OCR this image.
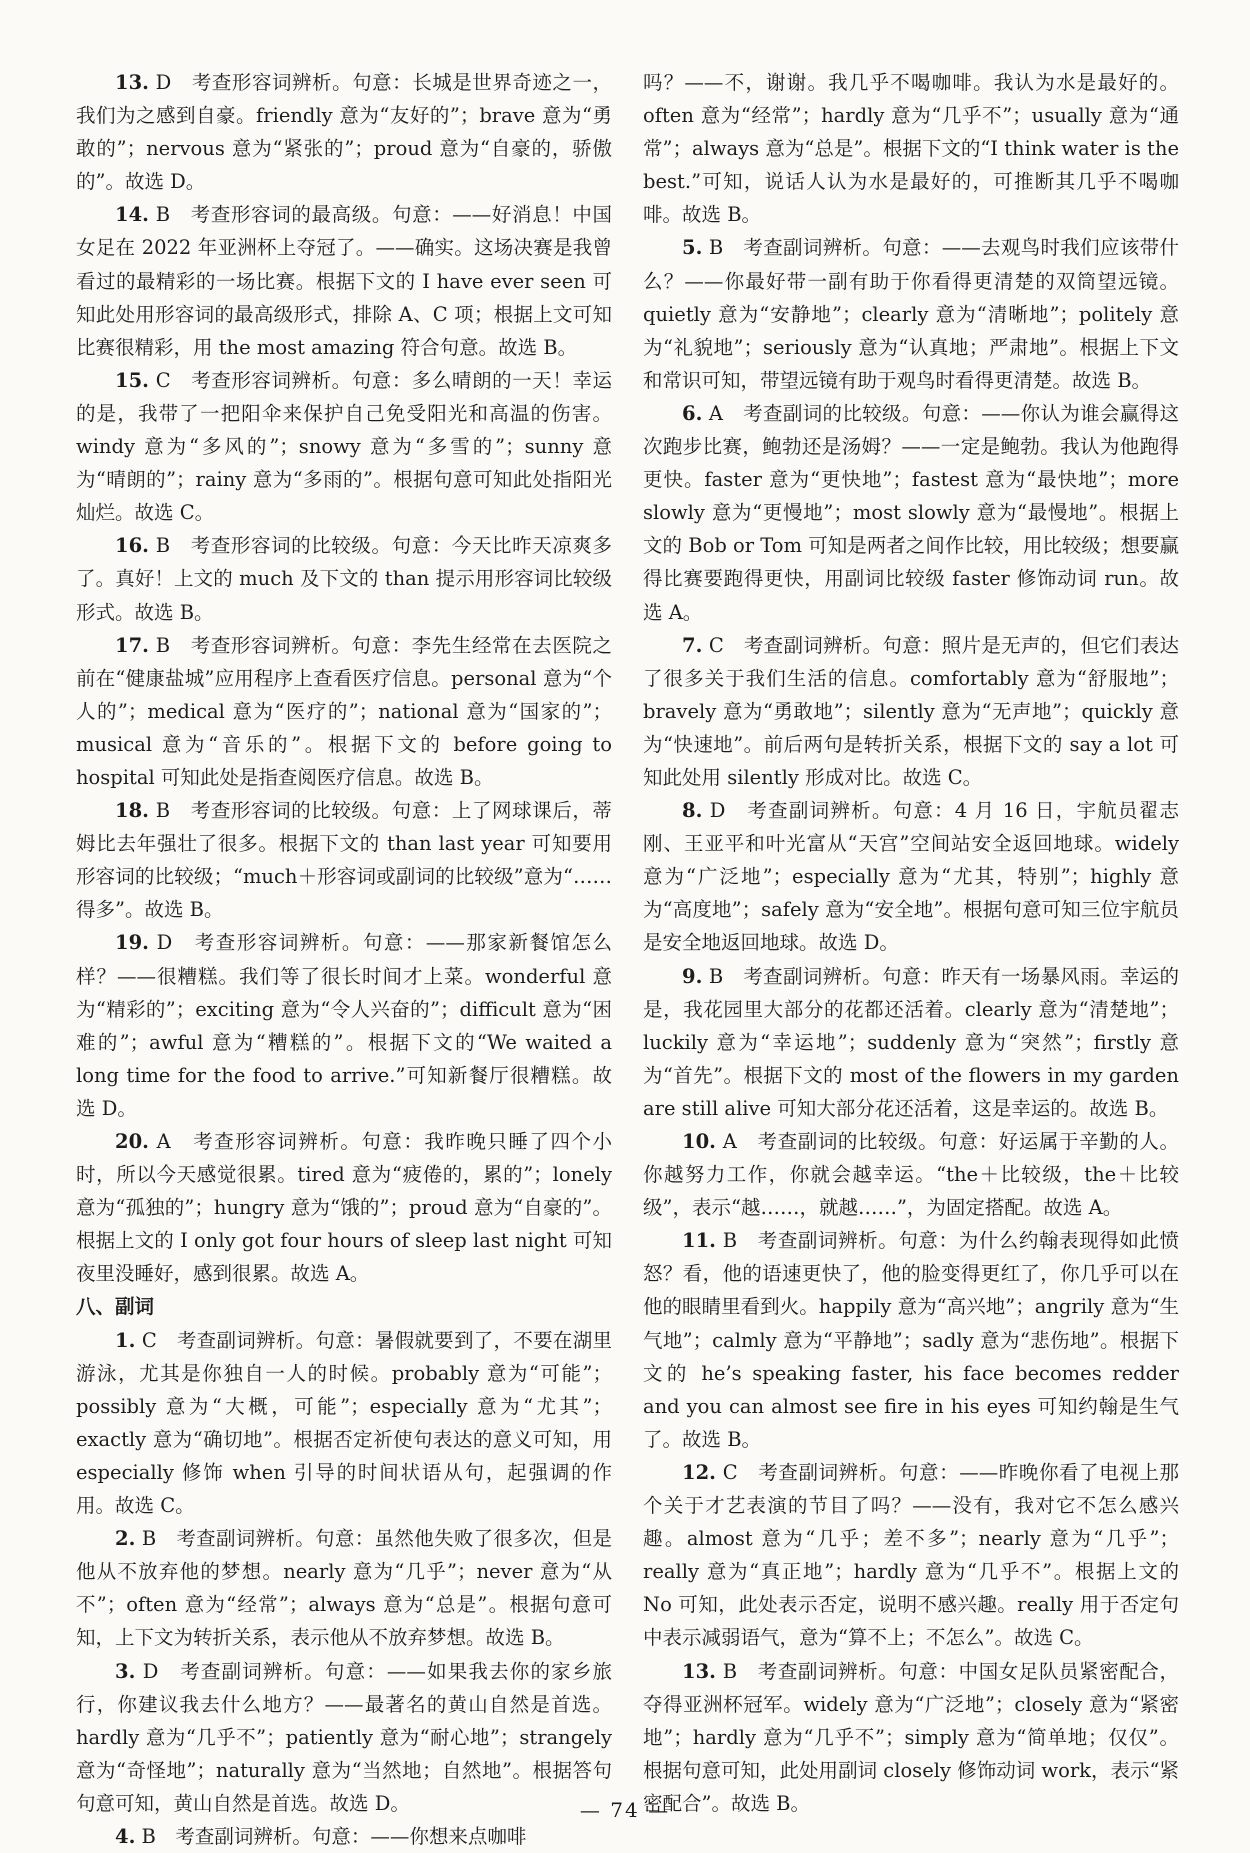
13. D　考查形容词辨析。句意：长城是世界奇迹之一，我们为之感到自豪。friendly 意为“友好的”；brave 意为“勇敢的”；nervous 意为“紧张的”；proud 意为“自豪的，骄傲的”。故选 D。

14. B　考查形容词的最高级。句意：——好消息！中国女足在 2022 年亚洲杯上夺冠了。——确实。这场决赛是我曾看过的最精彩的一场比赛。根据下文的 I have ever seen 可知此处用形容词的最高级形式，排除 A、C 项；根据上文可知比赛很精彩，用 the most amazing 符合句意。故选 B。

15. C　考查形容词辨析。句意：多么晴朗的一天！幸运的是，我带了一把阳伞来保护自己免受阳光和高温的伤害。windy 意为“多风的”；snowy 意为“多雪的”；sunny 意为“晴朗的”；rainy 意为“多雨的”。根据句意可知此处指阳光灿烂。故选 C。

16. B　考查形容词的比较级。句意：今天比昨天凉爽多了。真好！上文的 much 及下文的 than 提示用形容词比较级形式。故选 B。

17. B　考查形容词辨析。句意：李先生经常在去医院之前在“健康盐城”应用程序上查看医疗信息。personal 意为“个人的”；medical 意为“医疗的”；national 意为“国家的”；musical 意为“音乐的”。根据下文的 before going to hospital 可知此处是指查阅医疗信息。故选 B。

18. B　考查形容词的比较级。句意：上了网球课后，蒂姆比去年强壮了很多。根据下文的 than last year 可知要用形容词的比较级；“much＋形容词或副词的比较级”意为“……得多”。故选 B。

19. D　考查形容词辨析。句意：——那家新餐馆怎么样？——很糟糕。我们等了很长时间才上菜。wonderful 意为“精彩的”；exciting 意为“令人兴奋的”；difficult 意为“困难的”；awful 意为“糟糕的”。根据下文的“We waited a long time for the food to arrive.”可知新餐厅很糟糕。故选 D。

20. A　考查形容词辨析。句意：我昨晚只睡了四个小时，所以今天感觉很累。tired 意为“疲倦的，累的”；lonely 意为“孤独的”；hungry 意为“饿的”；proud 意为“自豪的”。根据上文的 I only got four hours of sleep last night 可知夜里没睡好，感到很累。故选 A。

八、副词

1. C　考查副词辨析。句意：暑假就要到了，不要在湖里游泳，尤其是你独自一人的时候。probably 意为“可能”；possibly 意为“大概，可能”；especially 意为“尤其”；exactly 意为“确切地”。根据否定祈使句表达的意义可知，用 especially 修饰 when 引导的时间状语从句，起强调的作用。故选 C。

2. B　考查副词辨析。句意：虽然他失败了很多次，但是他从不放弃他的梦想。nearly 意为“几乎”；never 意为“从不”；often 意为“经常”；always 意为“总是”。根据句意可知，上下文为转折关系，表示他从不放弃梦想。故选 B。

3. D　考查副词辨析。句意：——如果我去你的家乡旅行，你建议我去什么地方？——最著名的黄山自然是首选。hardly 意为“几乎不”；patiently 意为“耐心地”；strangely 意为“奇怪地”；naturally 意为“当然地；自然地”。根据答句句意可知，黄山自然是首选。故选 D。

4. B　考查副词辨析。句意：——你想来点咖啡

吗？——不，谢谢。我几乎不喝咖啡。我认为水是最好的。often 意为“经常”；hardly 意为“几乎不”；usually 意为“通常”；always 意为“总是”。根据下文的“I think water is the best.”可知，说话人认为水是最好的，可推断其几乎不喝咖啡。故选 B。

5. B　考查副词辨析。句意：——去观鸟时我们应该带什么？——你最好带一副有助于你看得更清楚的双筒望远镜。quietly 意为“安静地”；clearly 意为“清晰地”；politely 意为“礼貌地”；seriously 意为“认真地；严肃地”。根据上下文和常识可知，带望远镜有助于观鸟时看得更清楚。故选 B。

6. A　考查副词的比较级。句意：——你认为谁会赢得这次跑步比赛，鲍勃还是汤姆？——一定是鲍勃。我认为他跑得更快。faster 意为“更快地”；fastest 意为“最快地”；more slowly 意为“更慢地”；most slowly 意为“最慢地”。根据上文的 Bob or Tom 可知是两者之间作比较，用比较级；想要赢得比赛要跑得更快，用副词比较级 faster 修饰动词 run。故选 A。

7. C　考查副词辨析。句意：照片是无声的，但它们表达了很多关于我们生活的信息。comfortably 意为“舒服地”；bravely 意为“勇敢地”；silently 意为“无声地”；quickly 意为“快速地”。前后两句是转折关系，根据下文的 say a lot 可知此处用 silently 形成对比。故选 C。

8. D　考查副词辨析。句意：4 月 16 日，宇航员翟志刚、王亚平和叶光富从“天宫”空间站安全返回地球。widely 意为“广泛地”；especially 意为“尤其，特别”；highly 意为“高度地”；safely 意为“安全地”。根据句意可知三位宇航员是安全地返回地球。故选 D。

9. B　考查副词辨析。句意：昨天有一场暴风雨。幸运的是，我花园里大部分的花都还活着。clearly 意为“清楚地”；luckily 意为“幸运地”；suddenly 意为“突然”；firstly 意为“首先”。根据下文的 most of the flowers in my garden are still alive 可知大部分花还活着，这是幸运的。故选 B。

10. A　考查副词的比较级。句意：好运属于辛勤的人。你越努力工作，你就会越幸运。“the＋比较级，the＋比较级”，表示“越……，就越……”，为固定搭配。故选 A。

11. B　考查副词辨析。句意：为什么约翰表现得如此愤怒？看，他的语速更快了，他的脸变得更红了，你几乎可以在他的眼睛里看到火。happily 意为“高兴地”；angrily 意为“生气地”；calmly 意为“平静地”；sadly 意为“悲伤地”。根据下文的 he’s speaking faster, his face becomes redder and you can almost see fire in his eyes 可知约翰是生气了。故选 B。

12. C　考查副词辨析。句意：——昨晚你看了电视上那个关于才艺表演的节目了吗？——没有，我对它不怎么感兴趣。almost 意为“几乎；差不多”；nearly 意为“几乎”；really 意为“真正地”；hardly 意为“几乎不”。根据上文的 No 可知，此处表示否定，说明不感兴趣。really 用于否定句中表示减弱语气，意为“算不上；不怎么”。故选 C。

13. B　考查副词辨析。句意：中国女足队员紧密配合，夺得亚洲杯冠军。widely 意为“广泛地”；closely 意为“紧密地”；hardly 意为“几乎不”；simply 意为“简单地；仅仅”。根据句意可知，此处用副词 closely 修饰动词 work，表示“紧密配合”。故选 B。

— 74 —
